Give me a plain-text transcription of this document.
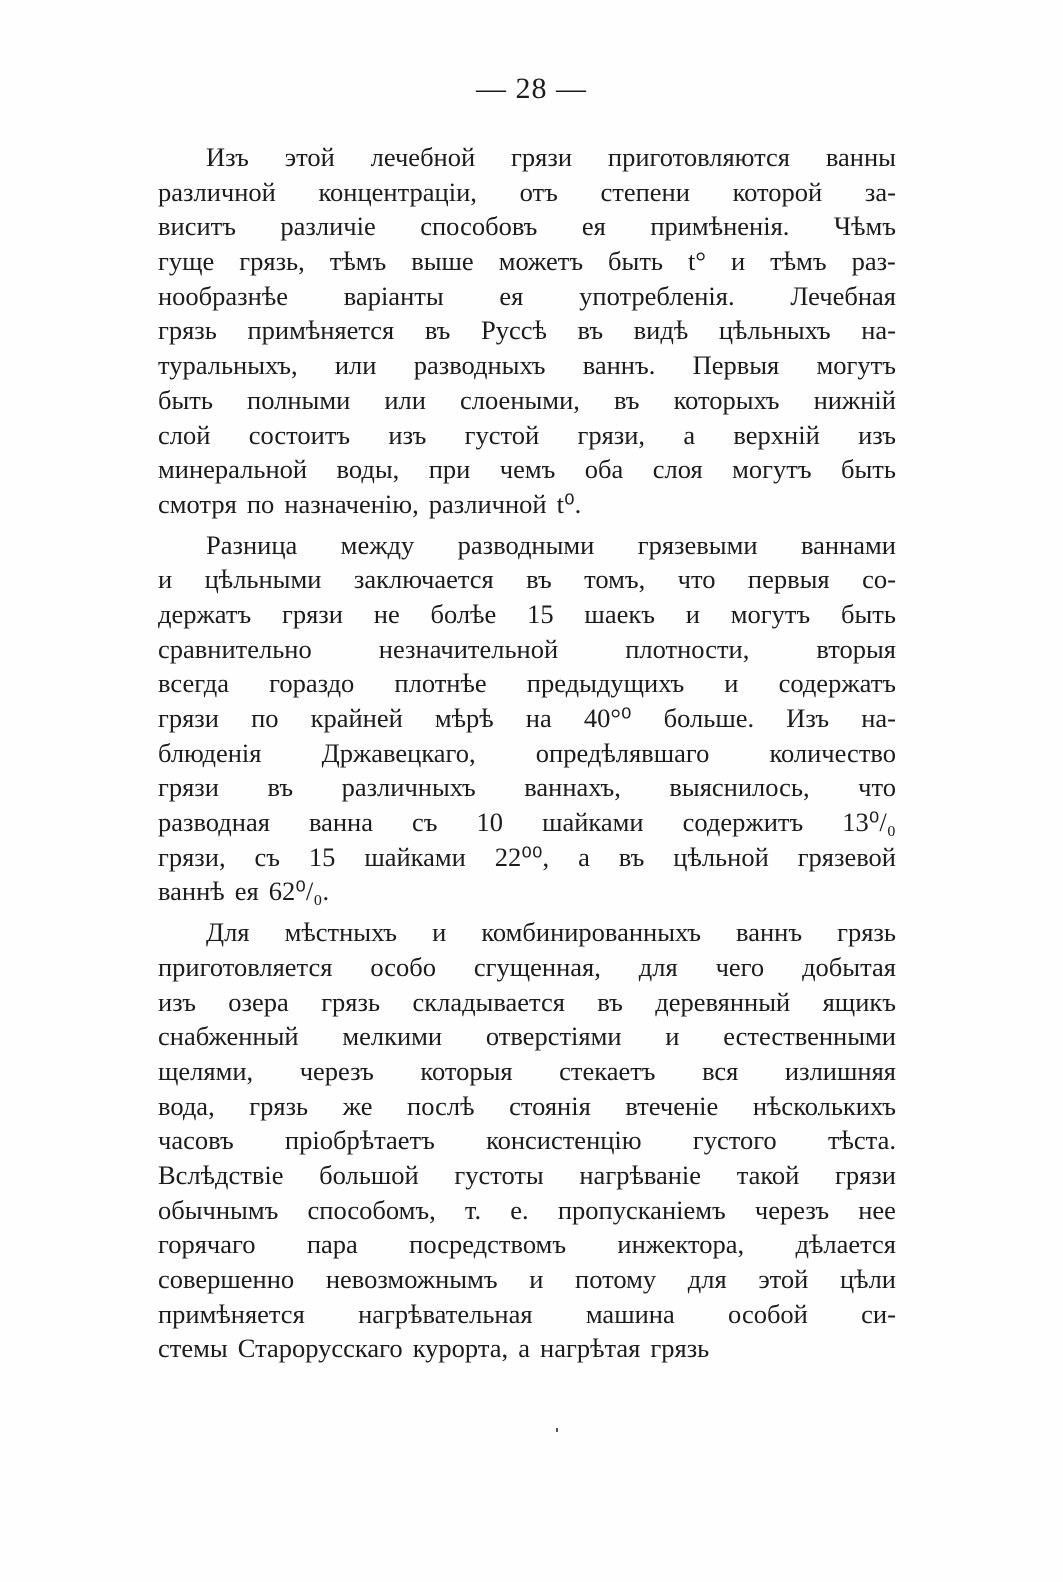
— 28 —
Изъ этой лечебной грязи приготовляются ванны
различной концентраціи, отъ степени которой за-
виситъ различіе способовъ ея примѣненія. Чѣмъ
гуще грязь, тѣмъ выше можетъ быть t° и тѣмъ раз-
нообразнѣе варіанты ея употребленія. Лечебная
грязь примѣняется въ Руссѣ въ видѣ цѣльныхъ на-
туральныхъ, или разводныхъ ваннъ. Первыя могутъ
быть полными или слоеными, въ которыхъ нижній
слой состоитъ изъ густой грязи, а верхній изъ
минеральной воды, при чемъ оба слоя могутъ быть
смотря по назначенію, различной t⁰.
Разница между разводными грязевыми ваннами
и цѣльными заключается въ томъ, что первыя со-
держатъ грязи не болѣе 15 шаекъ и могутъ быть
сравнительно	незначительной	плотности,	вторыя
всегда гораздо плотнѣе предыдущихъ и содержатъ
грязи по крайней мѣрѣ на 40°⁰ больше. Изъ на-
блюденія Државецкаго, опредѣлявшаго количество
грязи въ различныхъ ваннахъ, выяснилось, что
разводная ванна съ 10 шайками содержитъ 13⁰/₀
грязи, съ 15 шайками 22⁰⁰, а въ цѣльной грязевой
ваннѣ ея 62⁰/₀.
Для мѣстныхъ и комбинированныхъ ваннъ грязь
приготовляется особо сгущенная, для чего добытая
изъ озера грязь складывается въ деревянный ящикъ
снабженный мелкими отверстіями и естественными
щелями, черезъ которыя стекаетъ вся излишняя
вода, грязь же послѣ стоянія втеченіе нѣсколькихъ
часовъ пріобрѣтаетъ консистенцію густого тѣста.
Вслѣдствіе большой густоты нагрѣваніе такой грязи
обычнымъ способомъ, т. е. пропусканіемъ черезъ нее
горячаго пара посредствомъ инжектора, дѣлается
совершенно невозможнымъ и потому для этой цѣли
примѣняется нагрѣвательная машина особой си-
стемы Старорусскаго курорта, а нагрѣтая грязь
